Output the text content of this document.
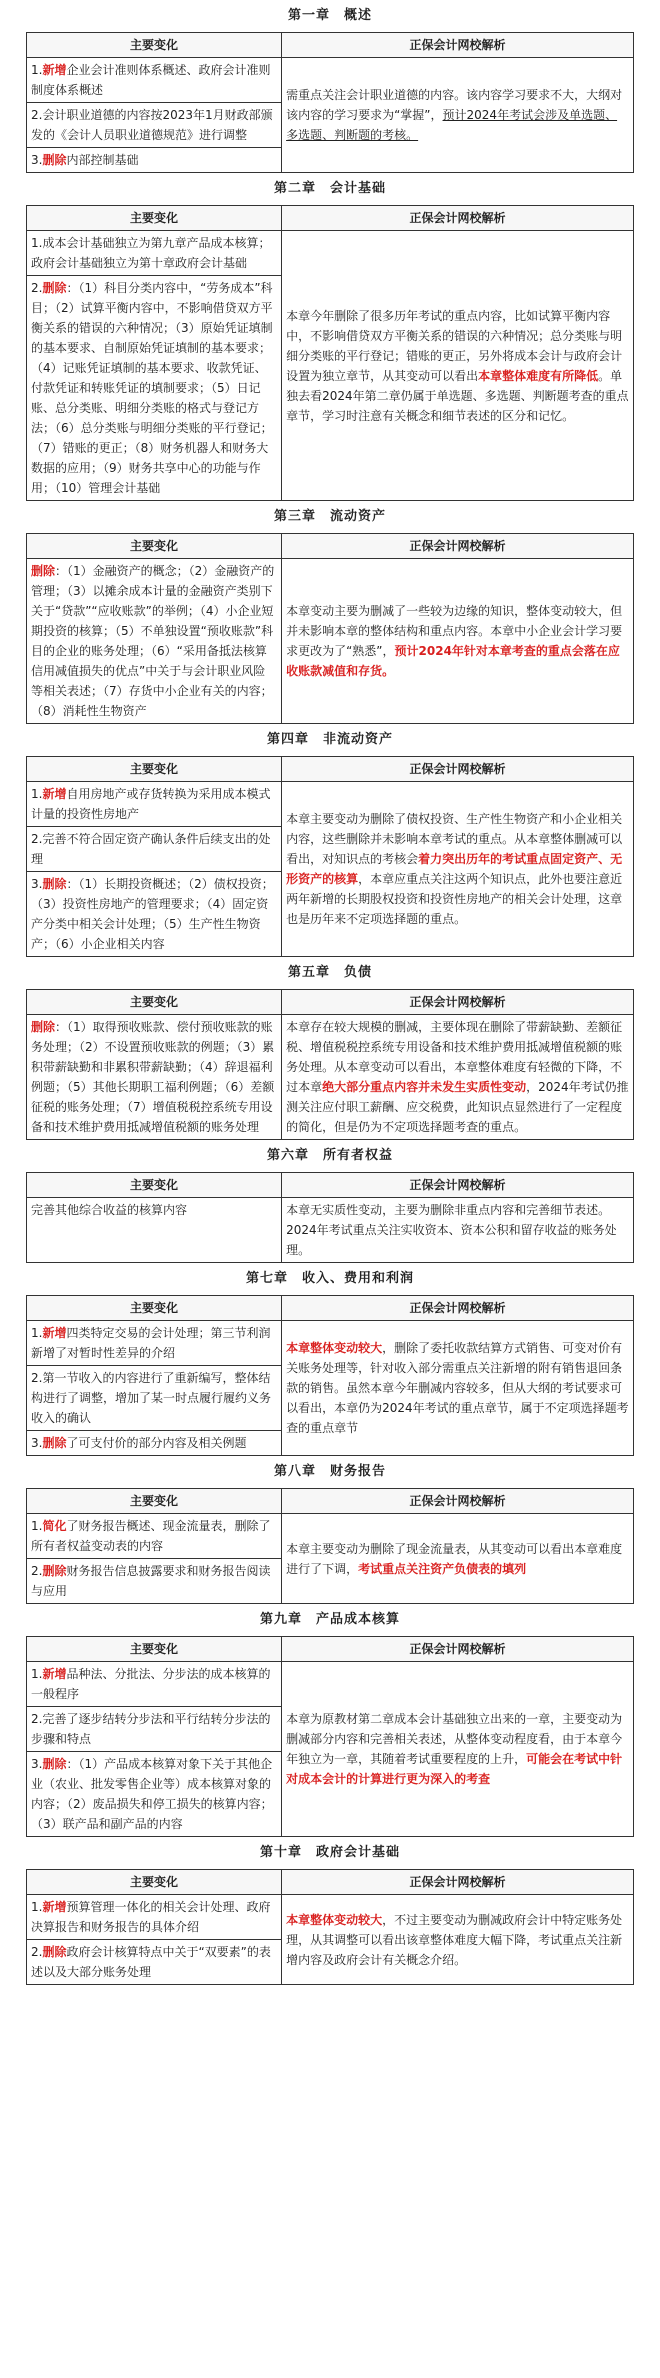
第一章　概述
主要变化	正保会计网校解析

1.新增企业会计准则体系概述、政府会计准则制度体系概述
2.会计职业道德的内容按2023年1月财政部颁发的《会计人员职业道德规范》进行调整
3.删除内部控制基础	需重点关注会计职业道德的内容。该内容学习要求不大，大纲对该内容的学习要求为“掌握”，预计2024年考试会涉及单选题、多选题、判断题的考核。
第二章　会计基础
主要变化	正保会计网校解析

1.成本会计基础独立为第九章产品成本核算；政府会计基础独立为第十章政府会计基础
2.删除：（1）科目分类内容中，“劳务成本”科目；（2）试算平衡内容中，不影响借贷双方平衡关系的错误的六种情况；（3）原始凭证填制的基本要求、自制原始凭证填制的基本要求；（4）记账凭证填制的基本要求、收款凭证、付款凭证和转账凭证的填制要求；（5）日记账、总分类账、明细分类账的格式与登记方法；（6）总分类账与明细分类账的平行登记；（7）错账的更正；（8）财务机器人和财务大数据的应用；（9）财务共享中心的功能与作用；（10）管理会计基础	本章今年删除了很多历年考试的重点内容，比如试算平衡内容中，不影响借贷双方平衡关系的错误的六种情况；总分类账与明细分类账的平行登记；错账的更正，另外将成本会计与政府会计设置为独立章节，从其变动可以看出本章整体难度有所降低。单独去看2024年第二章仍属于单选题、多选题、判断题考查的重点章节，学习时注意有关概念和细节表述的区分和记忆。
第三章　流动资产
主要变化	正保会计网校解析

删除：（1）金融资产的概念；（2）金融资产的管理；（3）以摊余成本计量的金融资产类别下关于“贷款”“应收账款”的举例；（4）小企业短期投资的核算；（5）不单独设置“预收账款”科目的企业的账务处理；（6）“采用备抵法核算信用减值损失的优点”中关于与会计职业风险等相关表述；（7）存货中小企业有关的内容；（8）消耗性生物资产	本章变动主要为删减了一些较为边缘的知识，整体变动较大，但并未影响本章的整体结构和重点内容。本章中小企业会计学习要求更改为了“熟悉”，预计2024年针对本章考查的重点会落在应收账款减值和存货。
第四章　非流动资产
主要变化	正保会计网校解析

1.新增自用房地产或存货转换为采用成本模式计量的投资性房地产
2.完善不符合固定资产确认条件后续支出的处理
3.删除：（1）长期投资概述；（2）债权投资；（3）投资性房地产的管理要求；（4）固定资产分类中相关会计处理；（5）生产性生物资产；（6）小企业相关内容	本章主要变动为删除了债权投资、生产性生物资产和小企业相关内容，这些删除并未影响本章考试的重点。从本章整体删减可以看出，对知识点的考核会着力突出历年的考试重点固定资产、无形资产的核算，本章应重点关注这两个知识点，此外也要注意近两年新增的长期股权投资和投资性房地产的相关会计处理，这章也是历年来不定项选择题的重点。
第五章　负债
主要变化	正保会计网校解析

删除：（1）取得预收账款、偿付预收账款的账务处理；（2）不设置预收账款的例题；（3）累积带薪缺勤和非累积带薪缺勤；（4）辞退福利例题；（5）其他长期职工福利例题；（6）差额征税的账务处理；（7）增值税税控系统专用设备和技术维护费用抵减增值税额的账务处理	本章存在较大规模的删减，主要体现在删除了带薪缺勤、差额征税、增值税税控系统专用设备和技术维护费用抵减增值税额的账务处理。从本章变动可以看出，本章整体难度有轻微的下降，不过本章绝大部分重点内容并未发生实质性变动，2024年考试仍推测关注应付职工薪酬、应交税费，此知识点显然进行了一定程度的简化，但是仍为不定项选择题考查的重点。
第六章　所有者权益
主要变化	正保会计网校解析

完善其他综合收益的核算内容	本章无实质性变动，主要为删除非重点内容和完善细节表述。2024年考试重点关注实收资本、资本公积和留存收益的账务处理。
第七章　收入、费用和利润
主要变化	正保会计网校解析

1.新增四类特定交易的会计处理；第三节利润新增了对暂时性差异的介绍
2.第一节收入的内容进行了重新编写，整体结构进行了调整，增加了某一时点履行履约义务收入的确认
3.删除了可支付价的部分内容及相关例题	本章整体变动较大，删除了委托收款结算方式销售、可变对价有关账务处理等，针对收入部分需重点关注新增的附有销售退回条款的销售。虽然本章今年删减内容较多，但从大纲的考试要求可以看出，本章仍为2024年考试的重点章节，属于不定项选择题考查的重点章节
第八章　财务报告
主要变化	正保会计网校解析

1.简化了财务报告概述、现金流量表，删除了所有者权益变动表的内容
2.删除财务报告信息披露要求和财务报告阅读与应用	本章主要变动为删除了现金流量表，从其变动可以看出本章难度进行了下调，考试重点关注资产负债表的填列
第九章　产品成本核算
主要变化	正保会计网校解析

1.新增品种法、分批法、分步法的成本核算的一般程序
2.完善了逐步结转分步法和平行结转分步法的步骤和特点
3.删除：（1）产品成本核算对象下关于其他企业（农业、批发零售企业等）成本核算对象的内容；（2）废品损失和停工损失的核算内容；（3）联产品和副产品的内容	本章为原教材第二章成本会计基础独立出来的一章，主要变动为删减部分内容和完善相关表述，从整体变动程度看，由于本章今年独立为一章，其随着考试重要程度的上升，可能会在考试中针对成本会计的计算进行更为深入的考查
第十章　政府会计基础
主要变化	正保会计网校解析

1.新增预算管理一体化的相关会计处理、政府决算报告和财务报告的具体介绍
2.删除政府会计核算特点中关于“双要素”的表述以及大部分账务处理	本章整体变动较大，不过主要变动为删减政府会计中特定账务处理，从其调整可以看出该章整体难度大幅下降，考试重点关注新增内容及政府会计有关概念介绍。
